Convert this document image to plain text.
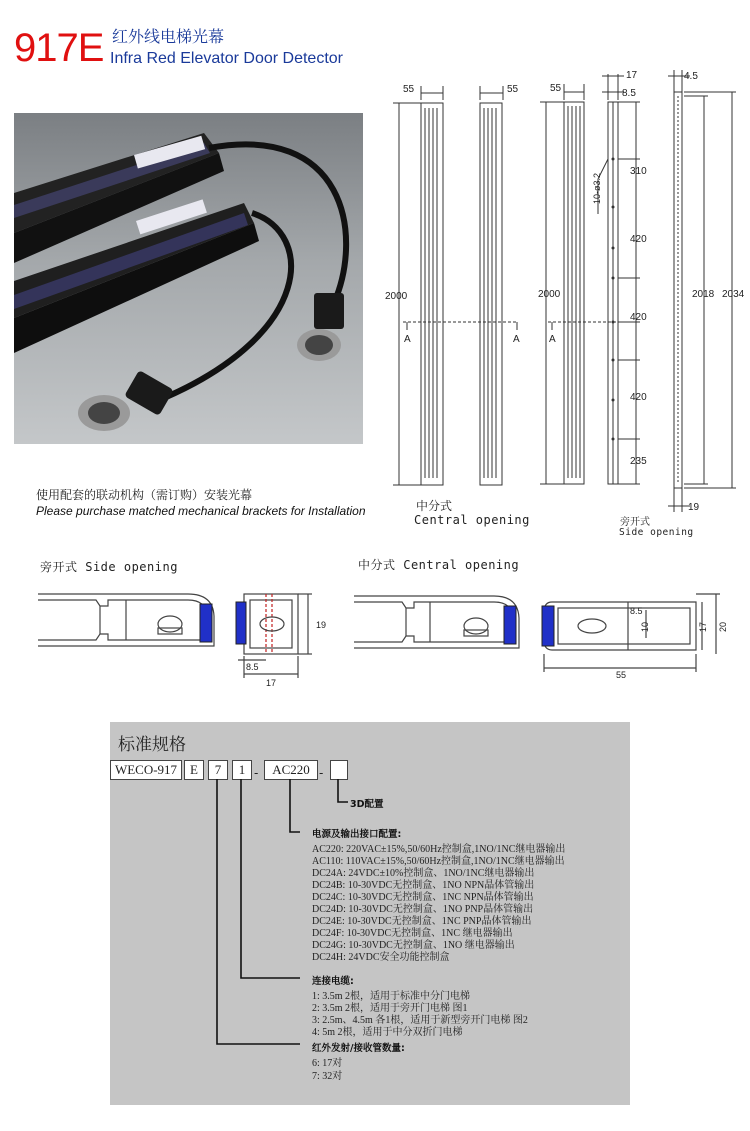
917E 红外线电梯光幕
Infra Red Elevator Door Detector
使用配套的联动机构（需订购）安装光幕
Please purchase matched mechanical brackets for Installation
55	55
2000
A	A
中分式
Central opening
55
17
8.5
2000
10-ø3.2
310
420
420
420
235
A
4.5
2018 2034
19
旁开式
Side opening
旁开式 Side opening	中分式 Central opening
19
8.5
17
8.5
10	17 20
55
标准规格
WECO-917 E	7	1 -	AC220 -
3D配置
电源及输出接口配置:
AC220: 220VAC±15%,50/60Hz控制盒,1NO/1NC继电器输出
AC110: 110VAC±15%,50/60Hz控制盒,1NO/1NC继电器输出
DC24A: 24VDC±10%控制盒、1NO/1NC继电器输出
DC24B: 10-30VDC无控制盒、1NO NPN晶体管输出
DC24C: 10-30VDC无控制盒、1NC NPN晶体管输出
DC24D: 10-30VDC无控制盒、1NO PNP晶体管输出
DC24E: 10-30VDC无控制盒、1NC PNP晶体管输出
DC24F: 10-30VDC无控制盒、1NC 继电器输出
DC24G: 10-30VDC无控制盒、1NO 继电器输出
DC24H: 24VDC安全功能控制盒
连接电缆:
1: 3.5m 2根，适用于标准中分门电梯
2: 3.5m 2根，适用于旁开门电梯 图1
3: 2.5m、4.5m 各1根，适用于新型旁开门电梯 图2
4: 5m 2根，适用于中分双折门电梯
红外发射/接收管数量:
6: 17对
7: 32对
